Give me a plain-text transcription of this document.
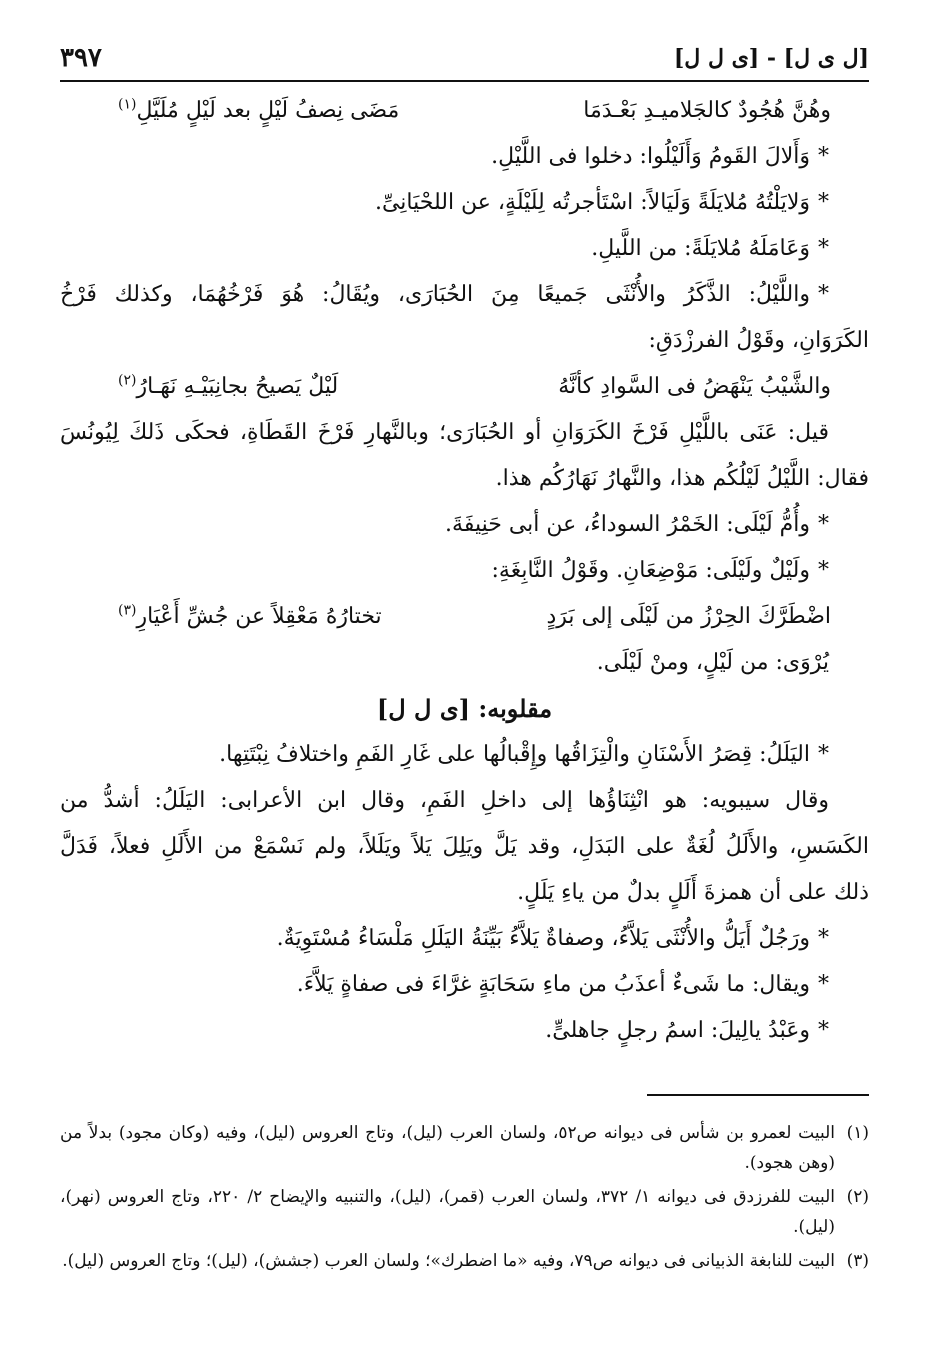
[ل ى ل] - [ى ل ل]
٣٩٧
وهُنَّ هُجُودٌ كالجَلاميـدِ بَعْـدَمَا
مَضَى نِصفُ لَيْلٍ بعد لَيْلٍ مُلَيَّلِ$^{(١)}$
*وَأَلالَ القَومُ وَأَلَيْلُوا: دخلوا فى اللَّيْلِ.
*وَلايَلْتُهُ مُلايَلَةً وَلَيَالاً: اسْتَأجرتُه لِلَيْلَةٍ، عن اللحْيَانِىِّ.
*وَعَامَلَهُ مُلايَلَةً: من اللَّيلِ.
*واللَّيْلُ: الذَّكَرُ والأُنْثَى جَميعًا مِنَ الحُبَارَى، ويُقَالُ: هُوَ فَرْخُهُمَا، وكذلك فَرْخُ
الكَرَوَانِ، وقَوْلُ الفرزْدَقِ:
والشَّيْبُ يَنْهَضُ فى السَّوادِ كأنَّهُ
لَيْلٌ يَصيحُ بجانِبَيْـهِ نَهَـارُ$^{(٢)}$
قيل: عَنَى باللَّيْلِ فَرْخَ الكَرَوَانِ أو الحُبَارَى؛ وبالنَّهارِ فَرْخَ القَطَاةِ، فحكَى ذَلكَ لِيُونُسَ
فقال: اللَّيْلُ لَيْلُكُم هذا، والنَّهارُ نَهَارُكُم هذا.
*وأُمُّ لَيْلَى: الخَمْرُ السوداءُ، عن أبى حَنِيفَةَ.
*ولَيْلٌ ولَيْلَى: مَوْضِعَانِ. وقَوْلُ النَّابِغَةِ:
اضْطَرَّكَ الحِرْزُ من لَيْلَى إلى بَرَدٍ
تختارُهُ مَعْقِلاً عن جُشِّ أَعْيَارِ$^{(٣)}$
يُرْوَى: من لَيْلٍ، ومنْ لَيْلَى.
مقلوبه: [ى ل ل]
*اليَلَلُ: قِصَرُ الأَسْنَانِ والْتِزَاقُها وإِقْبالُها على غَارِ الفَمِ واختلافُ نِبْتَتِها.
وقال سيبويه: هو انْثِنَاؤُها إلى داخلِ الفَمِ، وقال ابن الأعرابى: اليَلَلُ: أشدُّ من
الكَسَسِ، والأَلَلُ لُغَةٌ على البَدَلِ، وقد يَلَّ ويَلِلَ يَلاً ويَلَلاً، ولم نَسْمَعْ من الأَلَلِ فعلاً، فَدَلَّ
ذلك على أن همزةَ أَلَلٍ بدلٌ من ياءِ يَلَلٍ.
*ورَجُلٌ أَيَلُّ والأُنْثَى يَلاَّءُ، وصفاةٌ يَلاَّءُ بَيِّنَةُ اليَلَلِ مَلْسَاءُ مُسْتَوِيَةٌ.
*ويقال: ما شَىءٌ أعذَبُ من ماءِ سَحَابَةٍ غرَّاءَ فى صفاةٍ يَلاَّءَ.
*وعَبْدُ يالِيلَ: اسمُ رجلٍ جاهلىٍّ.
(١)
البيت لعمرو بن شأس فى ديوانه ص٥٢، ولسان العرب (ليل)، وتاج العروس (ليل)، وفيه (وكان مجود) بدلاً من (وهن هجود).
(٢)
البيت للفرزدق فى ديوانه ١/ ٣٧٢، ولسان العرب (قمر)، (ليل)، والتنبيه والإيضاح ٢/ ٢٢٠، وتاج العروس (نهر)، (ليل).
(٣)
البيت للنابغة الذبيانى فى ديوانه ص٧٩، وفيه «ما اضطرك»؛ ولسان العرب (جشش)، (ليل)؛ وتاج العروس (ليل).
